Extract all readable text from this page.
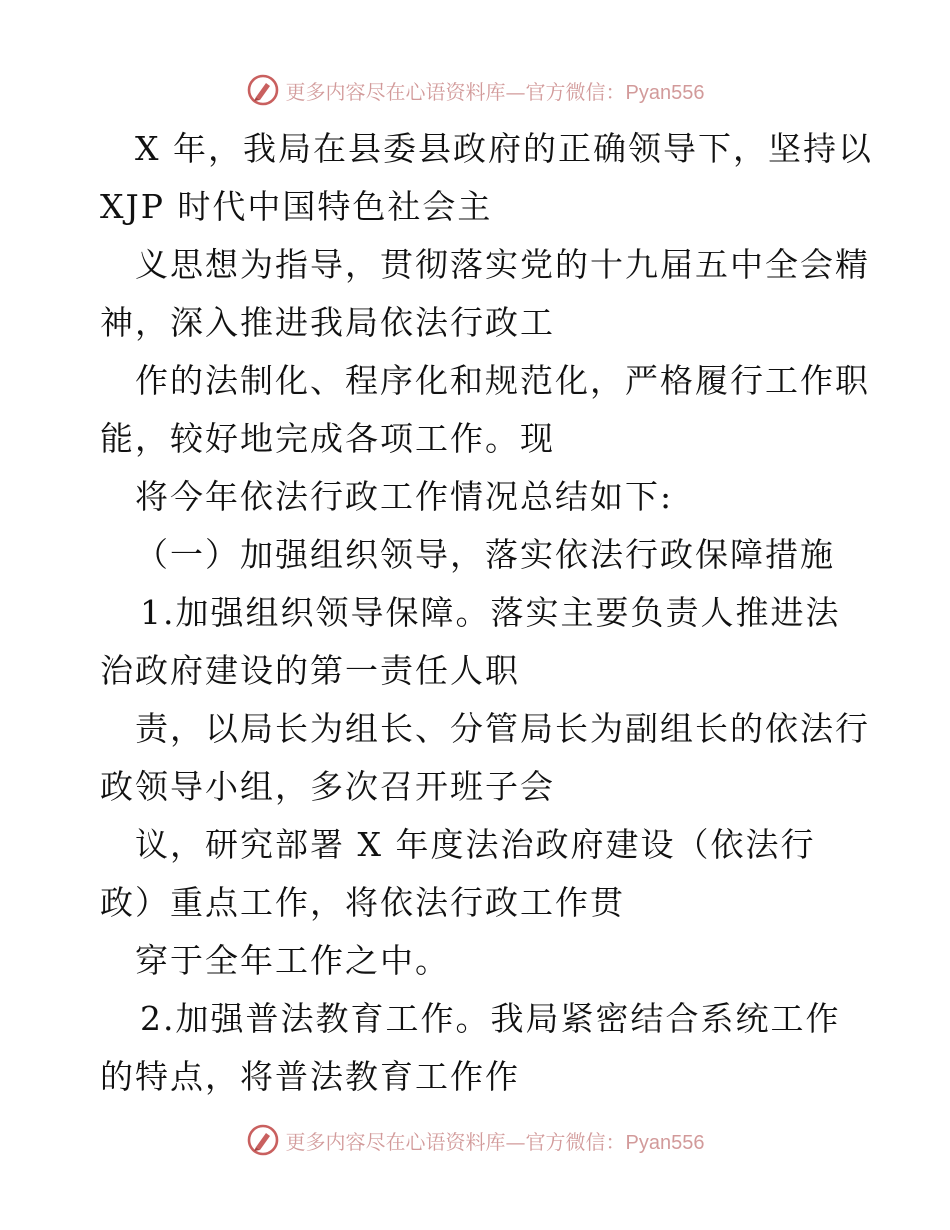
更多内容尽在心语资料库—官方微信：Pyan556
X 年，我局在县委县政府的正确领导下，坚持以
XJP 时代中国特色社会主
义思想为指导，贯彻落实党的十九届五中全会精
神，深入推进我局依法行政工
作的法制化、程序化和规范化，严格履行工作职
能，较好地完成各项工作。现
将今年依法行政工作情况总结如下:
（一）加强组织领导，落实依法行政保障措施
1.加强组织领导保障。落实主要负责人推进法
治政府建设的第一责任人职
责，以局长为组长、分管局长为副组长的依法行
政领导小组，多次召开班子会
议，研究部署 X 年度法治政府建设（依法行
政）重点工作，将依法行政工作贯
穿于全年工作之中。
2.加强普法教育工作。我局紧密结合系统工作
的特点，将普法教育工作作
更多内容尽在心语资料库—官方微信：Pyan556
